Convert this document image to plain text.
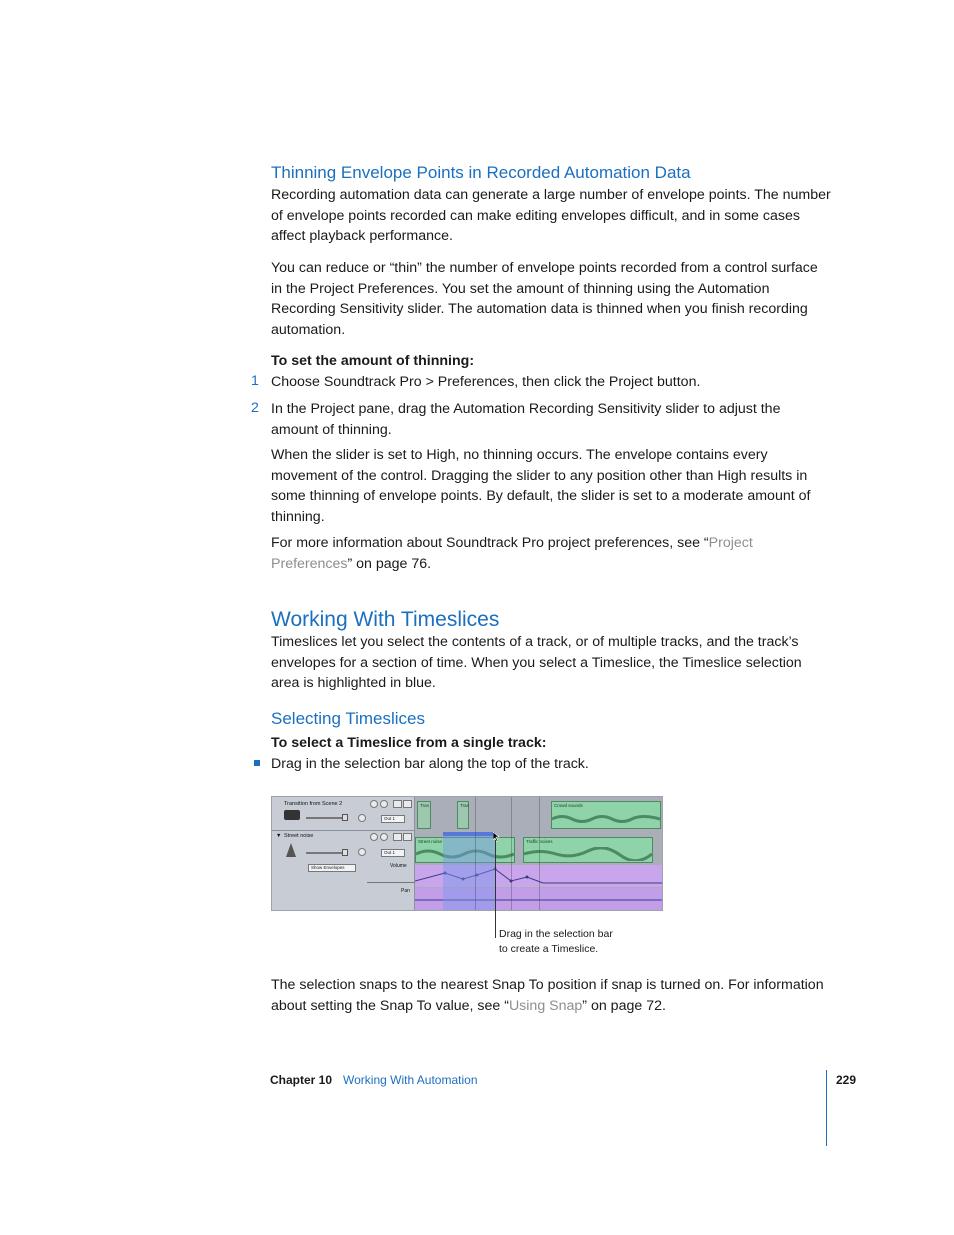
Thinning Envelope Points in Recorded Automation Data
Recording automation data can generate a large number of envelope points. The number of envelope points recorded can make editing envelopes difficult, and in some cases affect playback performance.
You can reduce or “thin” the number of envelope points recorded from a control surface in the Project Preferences. You set the amount of thinning using the Automation Recording Sensitivity slider. The automation data is thinned when you finish recording automation.
To set the amount of thinning:
1 Choose Soundtrack Pro > Preferences, then click the Project button.
2 In the Project pane, drag the Automation Recording Sensitivity slider to adjust the amount of thinning.
When the slider is set to High, no thinning occurs. The envelope contains every movement of the control. Dragging the slider to any position other than High results in some thinning of envelope points. By default, the slider is set to a moderate amount of thinning.
For more information about Soundtrack Pro project preferences, see “Project Preferences” on page 76.
Working With Timeslices
Timeslices let you select the contents of a track, or of multiple tracks, and the track’s envelopes for a section of time. When you select a Timeslice, the Timeslice selection area is highlighted in blue.
Selecting Timeslices
To select a Timeslice from a single track:
Drag in the selection bar along the top of the track.
Transition from Scene 2
Out 1
▼ Street noise
Out 1
Show Envelopes	Volume
Pan
Tran	Tras	Crowd sounds
Street noise	Traffic noises
Drag in the selection bar
to create a Timeslice.
The selection snaps to the nearest Snap To position if snap is turned on. For information about setting the Snap To value, see “Using Snap” on page 72.
Chapter 10 Working With Automation	229
